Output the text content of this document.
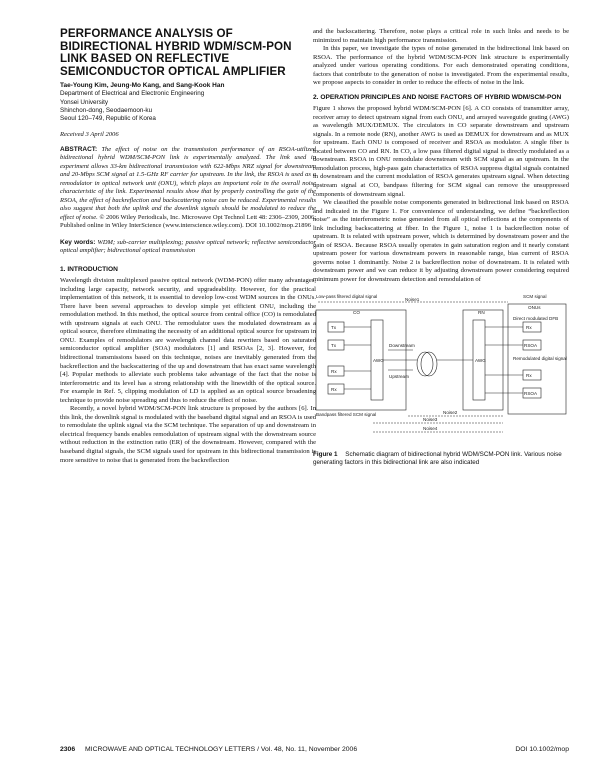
PERFORMANCE ANALYSIS OF BIDIRECTIONAL HYBRID WDM/SCM-PON LINK BASED ON REFLECTIVE SEMICONDUCTOR OPTICAL AMPLIFIER
Tae-Young Kim, Jeung-Mo Kang, and Sang-Kook Han
Department of Electrical and Electronic Engineering
Yonsei University
Shinchon-dong, Seodaemoon-ku
Seoul 120–749, Republic of Korea
Received 3 April 2006

ABSTRACT: The effect of noise on the transmission performance of an RSOA-utilized bidirectional hybrid WDM/SCM-PON link is experimentally analyzed. The link used in experiment allows 33-km bidirectional transmission with 622-Mbps NRZ signal for downstream and 20-Mbps SCM signal at 1.5-GHz RF carrier for upstream. In the link, the RSOA is used as a remodulator in optical network unit (ONU), which plays an important role in the overall noise characteristic of the link. Experimental results show that by properly controlling the gain of the RSOA, the effect of backreflection and backscattering noise can be reduced. Experimental results also suggest that both the uplink and the downlink signals should be modulated to reduce the effect of noise. © 2006 Wiley Periodicals, Inc. Microwave Opt Technol Lett 48: 2306–2309, 2006; Published online in Wiley InterScience (www.interscience.wiley.com). DOI 10.1002/mop.21896

Key words: WDM; sub-carrier multiplexing; passive optical network; reflective semiconductor optical amplifier; bidirectional optical transmission

1. INTRODUCTION

Wavelength division multiplexed passive optical network (WDM-PON) offer many advantages, including large capacity, network security, and upgradeability. However, for the practical implementation of this network, it is essential to develop low-cost WDM sources in the ONUs. There have been several approaches to develop simple yet efficient ONU, including the remodulation method. In this method, the optical source from central office (CO) is remodulated with upstream signals at each ONU. The remodulator uses the modulated downstream as a optical source, therefore eliminating the necessity of an additional optical source for upstream in ONU. Examples of remodulators are wavelength channel data rewriters based on saturated semiconductor optical amplifier (SOA) modulators [1] and RSOAs [2, 3]. However, for bidirectional transmissions based on this technique, noises are inevitably generated from the backreflection and the backscattering of the up and downstream that has exact same wavelength [4]. Popular methods to alleviate such problems take advantage of the fact that the noise is interferometric and its level has a strong relationship with the linewidth of the optical source. For example in Ref. 5, clipping modulation of LD is applied as an optical source broadening technique to provide noise spreading and thus to reduce the effect of noise.

Recently, a novel hybrid WDM/SCM-PON link structure is proposed by the authors [6]. In this link, the downlink signal is modulated with the baseband digital signal and an RSOA is used to remodulate the uplink signal via the SCM technique. The separation of up and downstream in electrical frequency bands enables remodulation of upstream signal with the downstream source without reduction in the extinction ratio (ER) of the downstream. However, compared with the baseband digital signals, the SCM signals used for upstream in this bidirectional transmission is more sensitive to noise that is generated from the backreflection

and the backscattering. Therefore, noise plays a critical role in such links and needs to be minimized to maintain high performance transmission.

In this paper, we investigate the types of noise generated in the bidirectional link based on RSOA. The performance of the hybrid WDM/SCM-PON link structure is experimentally analyzed under various operating conditions. For each demonstrated operating conditions, factors that contribute to the generation of noise is investigated. From the experimental results, we propose aspects to consider in order to reduce the effects of noise in the link.

2. OPERATION PRINCIPLES AND NOISE FACTORS OF HYBRID WDM/SCM-PON

Figure 1 shows the proposed hybrid WDM/SCM-PON [6]. A CO consists of transmitter array, receiver array to detect upstream signal from each ONU, and arrayed waveguide grating (AWG) as wavelength MUX/DEMUX. The circulators in CO separate downstream and upstream signals. In a remote node (RN), another AWG is used as DEMUX for downstream and as MUX for upstream. Each ONU is composed of receiver and RSOA as modulator. A single fiber is located between CO and RN. In CO, a low pass filtered digital signal is directly modulated as a downstream. RSOA in ONU remodulate downstream with SCM signal as an upstream. In the remodulation process, high-pass gain characteristics of RSOA suppress digital signals contained in downstream and the current modulation of RSOA generates upstream signal. When detecting upstream signal at CO, bandpass filtering for SCM signal can remove the unsuppressed components of downstream signal.

We classified the possible noise components generated in bidirectional link based on RSOA and indicated in the Figure 1. For convenience of understanding, we define “backreflection noise” as the interferometric noise generated from all optical reflections at the components of link including backscattering at fiber. In the Figure 1, noise 1 is backreflection noise of upstream. It is related with upstream power, which is determined by downstream power and the gain of RSOA. Because RSOA usually operates in gain saturation region and it nearly constant upstream power for various downstream powers in reasonable range, bias current of RSOA governs noise 1 dominantly. Noise 2 is backreflection noise of downstream. It is related with downstream power and we can reduce it by adjusting downstream power considering required minimum power for downstream detection and remodulation of

Low-pass filtered digital signal	SCM signal
Noise1
CO	RN
ONUs
Tx
Tx
Rx
Rx
AWG	AWG
Downstream
Upstream
Rx
RSOA
Rx
RSOA
Direct modulated DFB
Remodulated digital signal
Bandpass filtered SCM signal	Noise2
Noise3
Noise4

Figure 1 Schematic diagram of bidirectional hybrid WDM/SCM-PON link. Various noise generating factors in this bidirectional link are also indicated

2306 MICROWAVE AND OPTICAL TECHNOLOGY LETTERS / Vol. 48, No. 11, November 2006	DOI 10.1002/mop
